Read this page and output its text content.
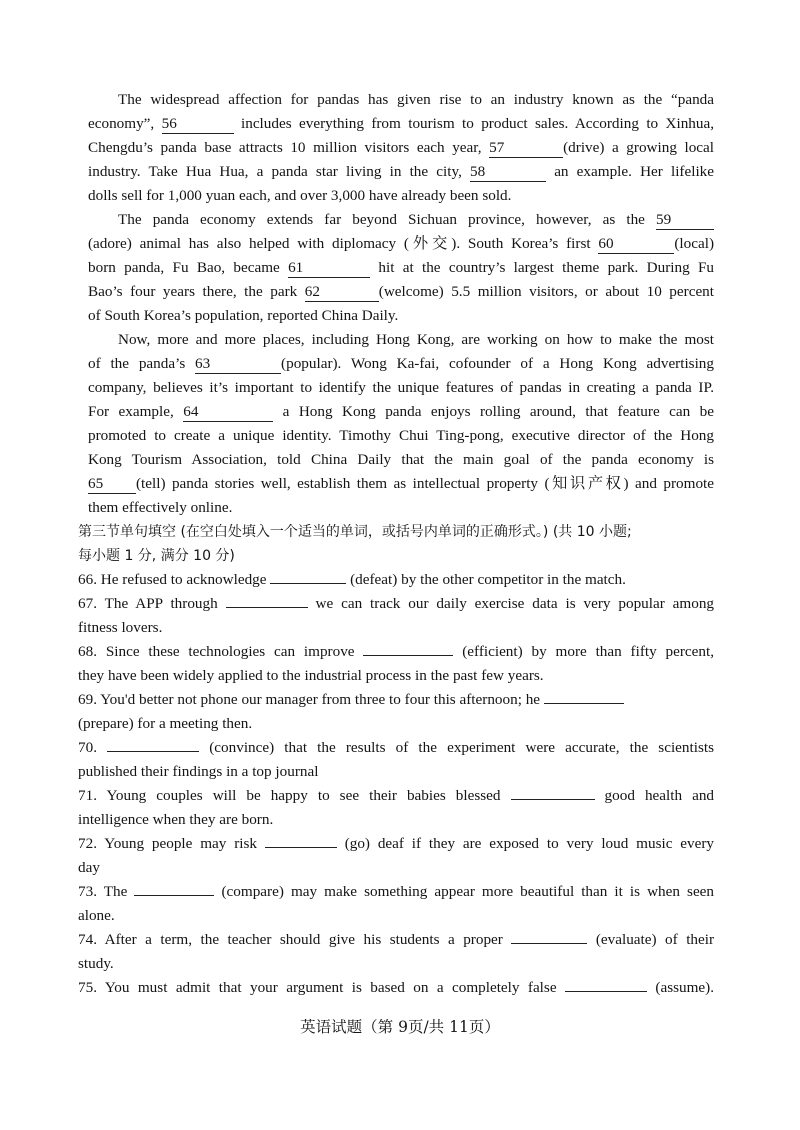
The widespread affection for pandas has given rise to an industry known as the “panda
economy”, 56	includes everything from tourism to product sales. According to Xinhua,
Chengdu’s panda base attracts 10 million visitors each year, 57	(drive) a growing local
industry. Take Hua Hua, a panda star living in the city, 58	an example. Her lifelike
dolls sell for 1,000 yuan each, and over 3,000 have already been sold.
The panda economy extends far beyond Sichuan province, however, as the 59
(adore) animal has also helped with diplomacy (外交). South Korea’s first 60	(local)
born panda, Fu Bao, became 61	hit at the country’s largest theme park. During Fu
Bao’s four years there, the park 62	(welcome) 5.5 million visitors, or about 10 percent
of South Korea’s population, reported China Daily.
Now, more and more places, including Hong Kong, are working on how to make the most
of the panda’s 63	(popular). Wong Ka-fai, cofounder of a Hong Kong advertising
company, believes it’s important to identify the unique features of pandas in creating a panda IP.
For example, 64	a Hong Kong panda enjoys rolling around, that feature can be
promoted to create a unique identity. Timothy Chui Ting-pong, executive director of the Hong
Kong Tourism Association, told China Daily that the main goal of the panda economy is
65 (tell) panda stories well, establish them as intellectual property (知识产权) and promote
them effectively online.
第三节单句填空 (在空白处填入一个适当的单词，或括号内单词的正确形式。) (共 10 小题;
每小题 1 分, 满分 10 分)
66. He refused to acknowledge	(defeat) by the other competitor in the match.
67. The APP through	we can track our daily exercise data is very popular among
fitness lovers.
68. Since these technologies can improve	(efficient) by more than fifty percent,
they have been widely applied to the industrial process in the past few years.
69. You'd better not phone our manager from three to four this afternoon; he
(prepare) for a meeting then.
70.	(convince) that the results of the experiment were accurate, the scientists
published their findings in a top journal
71. Young couples will be happy to see their babies blessed	good health and
intelligence when they are born.
72. Young people may risk	(go) deaf if they are exposed to very loud music every
day
73. The	(compare) may make something appear more beautiful than it is when seen
alone.
74. After a term, the teacher should give his students a proper	(evaluate) of their
study.
75. You must admit that your argument is based on a completely false	(assume).
英语试题（第 9页/共 11页）
